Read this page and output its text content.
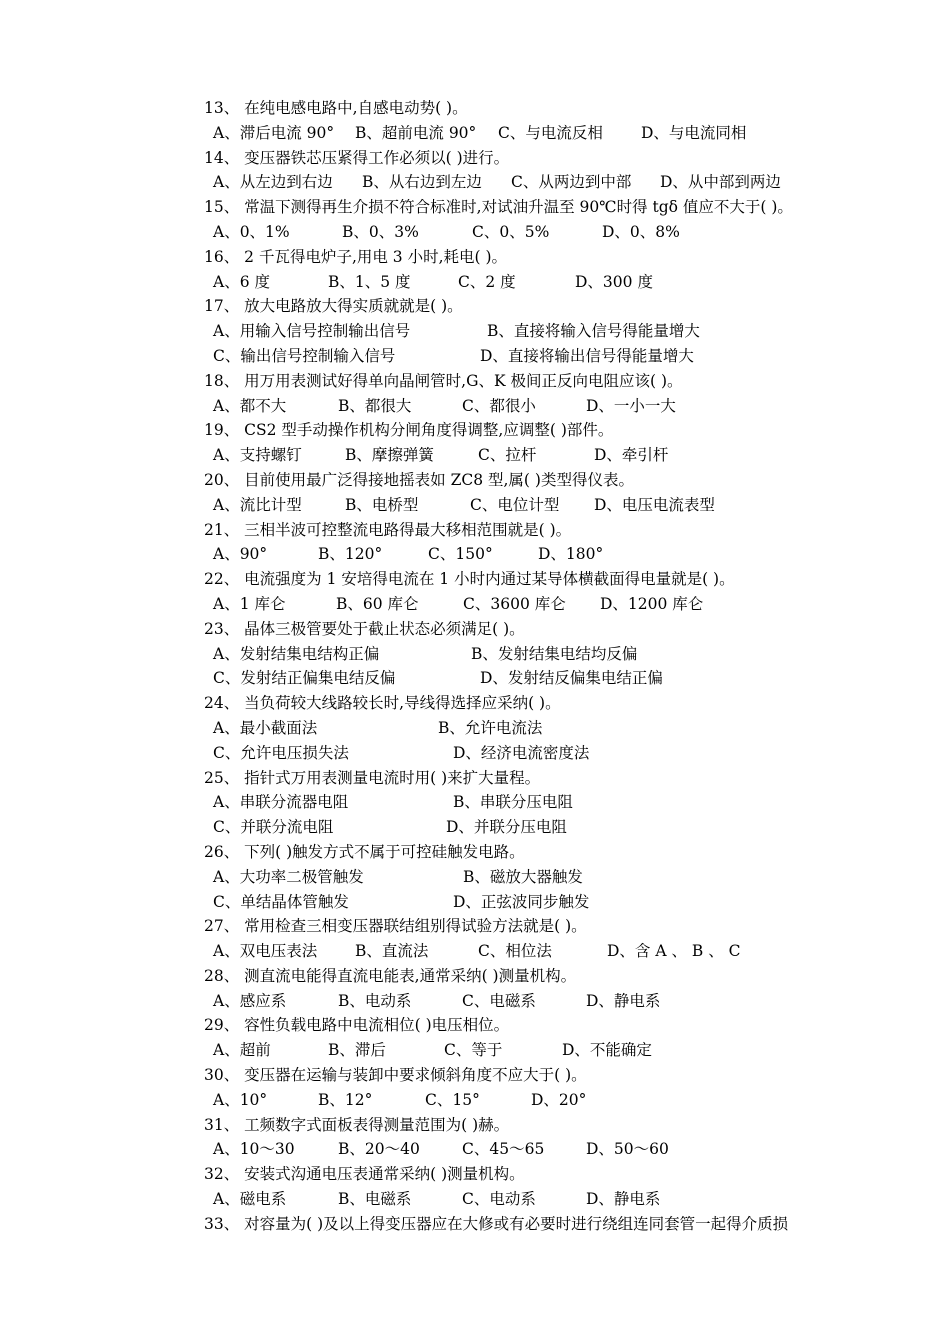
13、 在纯电感电路中,自感电动势( )。
A、滞后电流 90° B、超前电流 90° C、与电流反相 D、与电流同相
14、 变压器铁芯压紧得工作必须以( )进行。
A、从左边到右边 B、从右边到左边 C、从两边到中部 D、从中部到两边
15、 常温下测得再生介损不符合标准时,对试油升温至 90℃时得 tgδ 值应不大于( )。
A、0、1%	B、0、3%	C、0、5%	D、0、8%
16、 2 千瓦得电炉子,用电 3 小时,耗电( )。
A、6 度	B、1、5 度	C、2 度	D、300 度
17、 放大电路放大得实质就就是( )。
A、用输入信号控制输出信号	B、直接将输入信号得能量增大
C、输出信号控制输入信号	D、直接将输出信号得能量增大
18、 用万用表测试好得单向晶闸管时,G、K 极间正反向电阻应该( )。
A、都不大	B、都很大	C、都很小	D、一小一大
19、 CS2 型手动操作机构分闸角度得调整,应调整( )部件。
A、支持螺钉	B、摩擦弹簧	C、拉杆	D、牵引杆
20、 目前使用最广泛得接地摇表如 ZC8 型,属( )类型得仪表。
A、流比计型	B、电桥型	C、电位计型 D、电压电流表型
21、 三相半波可控整流电路得最大移相范围就是( )。
A、90°	B、120°	C、150°	D、180°
22、 电流强度为 1 安培得电流在 1 小时内通过某导体横截面得电量就是( )。
A、1 库仑	B、60 库仑	C、3600 库仑 D、1200 库仑
23、 晶体三极管要处于截止状态必须满足( )。
A、发射结集电结构正偏	B、发射结集电结均反偏
C、发射结正偏集电结反偏	D、发射结反偏集电结正偏
24、 当负荷较大线路较长时,导线得选择应采纳( )。
A、最小截面法	B、允许电流法
C、允许电压损失法	D、经济电流密度法
25、 指针式万用表测量电流时用( )来扩大量程。
A、串联分流器电阻	B、串联分压电阻
C、并联分流电阻	D、并联分压电阻
26、 下列( )触发方式不属于可控硅触发电路。
A、大功率二极管触发	B、磁放大器触发
C、单结晶体管触发	D、正弦波同步触发
27、 常用检查三相变压器联结组别得试验方法就是( )。
A、双电压表法 B、直流法	C、相位法	D、含 A 、 B 、 C
28、 测直流电能得直流电能表,通常采纳( )测量机构。
A、感应系	B、电动系	C、电磁系	D、静电系
29、 容性负载电路中电流相位( )电压相位。
A、超前	B、滞后	C、等于	D、不能确定
30、 变压器在运输与装卸中要求倾斜角度不应大于( )。
A、10°	B、12°	C、15°	D、20°
31、 工频数字式面板表得测量范围为( )赫。
A、10～30	B、20～40	C、45～65	D、50～60
32、 安装式沟通电压表通常采纳( )测量机构。
A、磁电系	B、电磁系	C、电动系	D、静电系
33、 对容量为( )及以上得变压器应在大修或有必要时进行绕组连同套管一起得介质损
